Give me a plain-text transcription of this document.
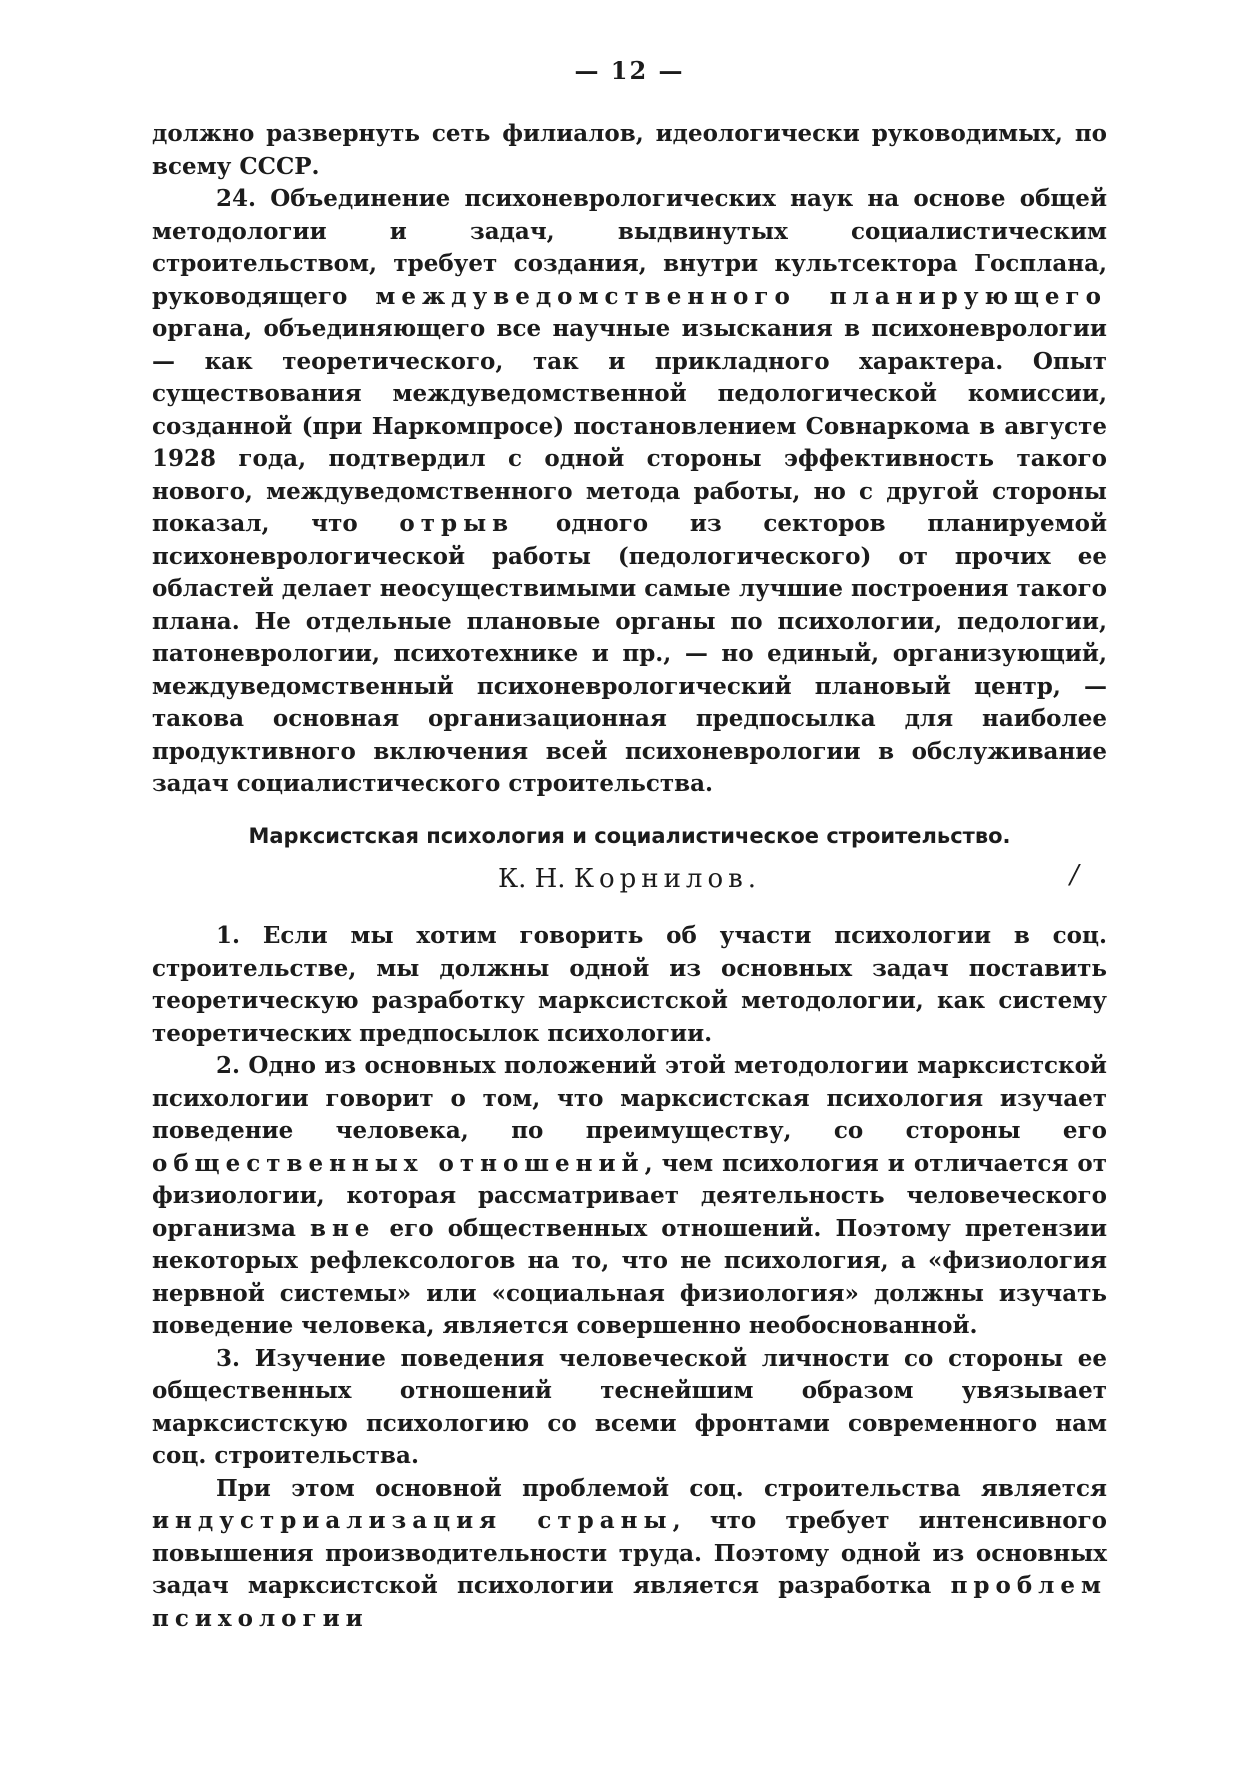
— 12 —

должно развернуть сеть филиалов, идеологически руководимых, по всему СССР.

24. Объединение психоневрологических наук на основе общей методологии и задач, выдвинутых социалистическим строительством, требует создания, внутри культсектора Госплана, руководящего междуведомственного планирующего органа, объединяющего все научные изыскания в психоневрологии — как теоретического, так и прикладного характера. Опыт существования междуведомственной педологической комиссии, созданной (при Наркомпросе) постановлением Совнаркома в августе 1928 года, подтвердил с одной стороны эффективность такого нового, междуведомственного метода работы, но с другой стороны показал, что отрыв одного из секторов планируемой психоневрологической работы (педологического) от прочих ее областей делает неосуществимыми самые лучшие построения такого плана. Не отдельные плановые органы по психологии, педологии, патоневрологии, психотехнике и пр., — но единый, организующий, междуведомственный психоневрологический плановый центр, — такова основная организационная предпосылка для наиболее продуктивного включения всей психоневрологии в обслуживание задач социалистического строительства.

Марксистская психология и социалистическое строительство.
К. Н. Корнилов.	/

1. Если мы хотим говорить об участи психологии в соц. строительстве, мы должны одной из основных задач поставить теоретическую разработку марксистской методологии, как систему теоретических предпосылок психологии.

2. Одно из основных положений этой методологии марксистской психологии говорит о том, что марксистская психология изучает поведение человека, по преимуществу, со стороны его общественных отношений, чем психология и отличается от физиологии, которая рассматривает деятельность человеческого организма вне его общественных отношений. Поэтому претензии некоторых рефлексологов на то, что не психология, а «физиология нервной системы» или «социальная физиология» должны изучать поведение человека, является совершенно необоснованной.

3. Изучение поведения человеческой личности со стороны ее общественных отношений теснейшим образом увязывает марксистскую психологию со всеми фронтами современного нам соц. строительства.

При этом основной проблемой соц. строительства является индустриализация страны, что требует интенсивного повышения производительности труда. Поэтому одной из основных задач марксистской психологии является разработка проблем психологии
